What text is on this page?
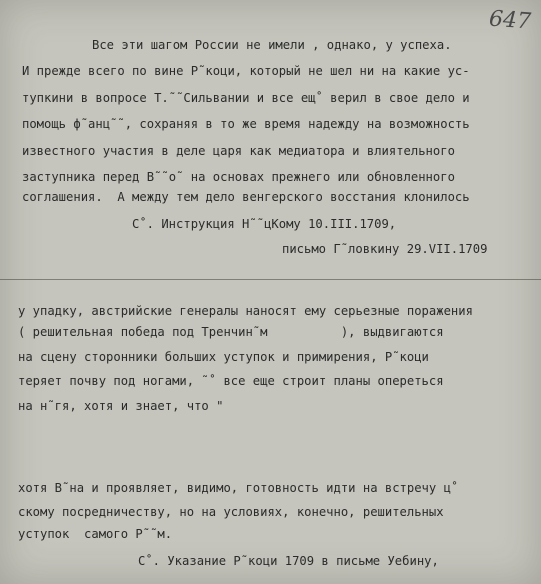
647
Все эти шагом России не имели , однако, у успеха.
И прежде всего по вине Р˜коци, который не шел ни на какие ус-
тупкини в вопросе Т.˜˜Сильвании и все ещ˚ верил в свое дело и
помощь ф˜анц˜˜, сохраняя в то же время надежду на возможность
известного участия в деле царя как медиатора и влиятельного
заступника перед В˜˜о˜ на основах прежнего или обновленного
соглашения.  А между тем дело венгерского восстания клонилось
С˚. Инструкция Н˜˜цКому 10.III.1709,
письмо Г˜ловкину 29.VII.1709
у упадку, австрийские генералы наносят ему серьезные поражения
( решительная победа под Тренчин˜м          ), выдвигаются
на сцену сторонники больших уступок и примирения, Р˜коци
теряет почву под ногами, ˜˚ все еще строит планы опереться
на н˜гя, хотя и знает, что "
хотя В˜на и проявляет, видимо, готовность идти на встречу ц˚
скому посредничеству, но на условиях, конечно, решительных
уступок  самого Р˜˜м.
С˚. Указание Р˜коци 1709 в письме Уебину,
